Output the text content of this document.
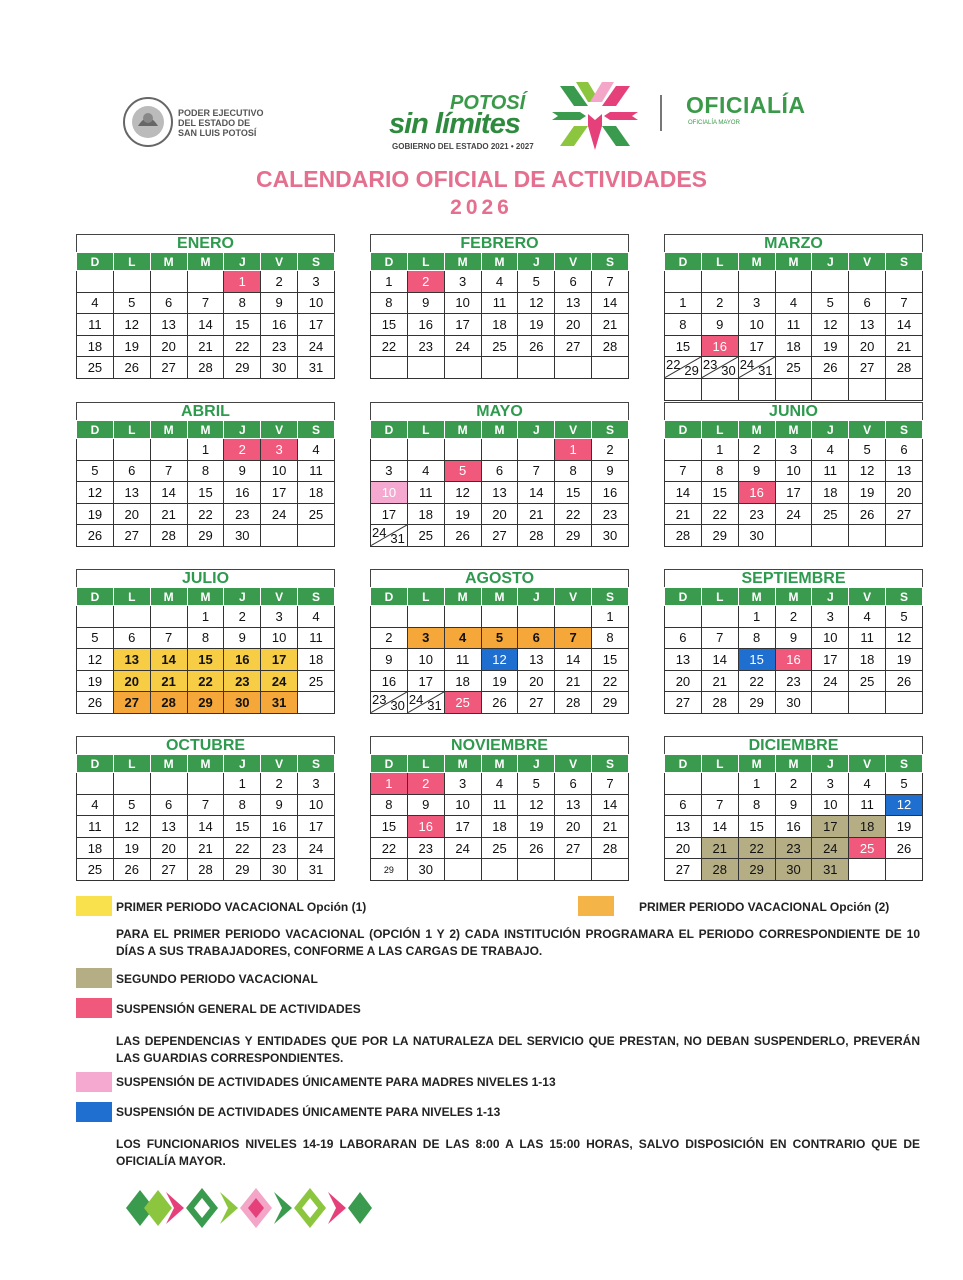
PODER EJECUTIVO
DEL ESTADO DE
SAN LUIS POTOSÍ
POTOSÍ
sin límites
GOBIERNO DEL ESTADO 2021 • 2027
OFICIALÍA
OFICIALÍA MAYOR
CALENDARIO OFICIAL DE ACTIVIDADES
2026
ENERO
D	L	M	M	J	V	S
				1	2	3
4	5	6	7	8	9	10
11	12	13	14	15	16	17
18	19	20	21	22	23	24
25	26	27	28	29	30	31
FEBRERO
D	L	M	M	J	V	S
1	2	3	4	5	6	7
8	9	10	11	12	13	14
15	16	17	18	19	20	21
22	23	24	25	26	27	28

MARZO
D	L	M	M	J	V	S

1	2	3	4	5	6	7
8	9	10	11	12	13	14
15	16	17	18	19	20	21

22 29	23 30	24 31	25	26	27	28

ABRIL
D	L	M	M	J	V	S
			1	2	3	4
5	6	7	8	9	10	11
12	13	14	15	16	17	18
19	20	21	22	23	24	25
26	27	28	29	30		
MAYO
D	L	M	M	J	V	S
					1	2
3	4	5	6	7	8	9
10	11	12	13	14	15	16
17	18	19	20	21	22	23

24 31	25	26	27	28	29	30
JUNIO
D	L	M	M	J	V	S
	1	2	3	4	5	6
7	8	9	10	11	12	13
14	15	16	17	18	19	20
21	22	23	24	25	26	27
28	29	30				
JULIO
D	L	M	M	J	V	S
			1	2	3	4
5	6	7	8	9	10	11
12	13	14	15	16	17	18
19	20	21	22	23	24	25
26	27	28	29	30	31	
AGOSTO
D	L	M	M	J	V	S
						1
2	3	4	5	6	7	8
9	10	11	12	13	14	15
16	17	18	19	20	21	22

23 30	24 31	25	26	27	28	29
SEPTIEMBRE
D	L	M	M	J	V	S
		1	2	3	4	5
6	7	8	9	10	11	12
13	14	15	16	17	18	19
20	21	22	23	24	25	26
27	28	29	30			
OCTUBRE
D	L	M	M	J	V	S
				1	2	3
4	5	6	7	8	9	10
11	12	13	14	15	16	17
18	19	20	21	22	23	24
25	26	27	28	29	30	31
NOVIEMBRE
D	L	M	M	J	V	S
1	2	3	4	5	6	7
8	9	10	11	12	13	14
15	16	17	18	19	20	21
22	23	24	25	26	27	28
29	30					
DICIEMBRE
D	L	M	M	J	V	S
		1	2	3	4	5
6	7	8	9	10	11	12
13	14	15	16	17	18	19
20	21	22	23	24	25	26
27	28	29	30	31		
PRIMER PERIODO VACACIONAL Opción (1)	PRIMER PERIODO VACACIONAL Opción (2)
PARA EL PRIMER PERIODO VACACIONAL (OPCIÓN 1 Y 2) CADA INSTITUCIÓN PROGRAMARA EL PERIODO CORRESPONDIENTE DE 10 DÍAS A SUS TRABAJADORES, CONFORME A LAS CARGAS DE TRABAJO.
SEGUNDO PERIODO VACACIONAL
SUSPENSIÓN GENERAL DE ACTIVIDADES
LAS DEPENDENCIAS Y ENTIDADES QUE POR LA NATURALEZA DEL SERVICIO QUE PRESTAN, NO DEBAN SUSPENDERLO, PREVERÁN LAS GUARDIAS CORRESPONDIENTES.
SUSPENSIÓN DE ACTIVIDADES ÚNICAMENTE PARA MADRES NIVELES 1-13
SUSPENSIÓN DE ACTIVIDADES ÚNICAMENTE PARA NIVELES 1-13
LOS FUNCIONARIOS NIVELES 14-19 LABORARAN DE LAS 8:00 A LAS 15:00 HORAS, SALVO DISPOSICIÓN EN CONTRARIO QUE DE OFICIALÍA MAYOR.
